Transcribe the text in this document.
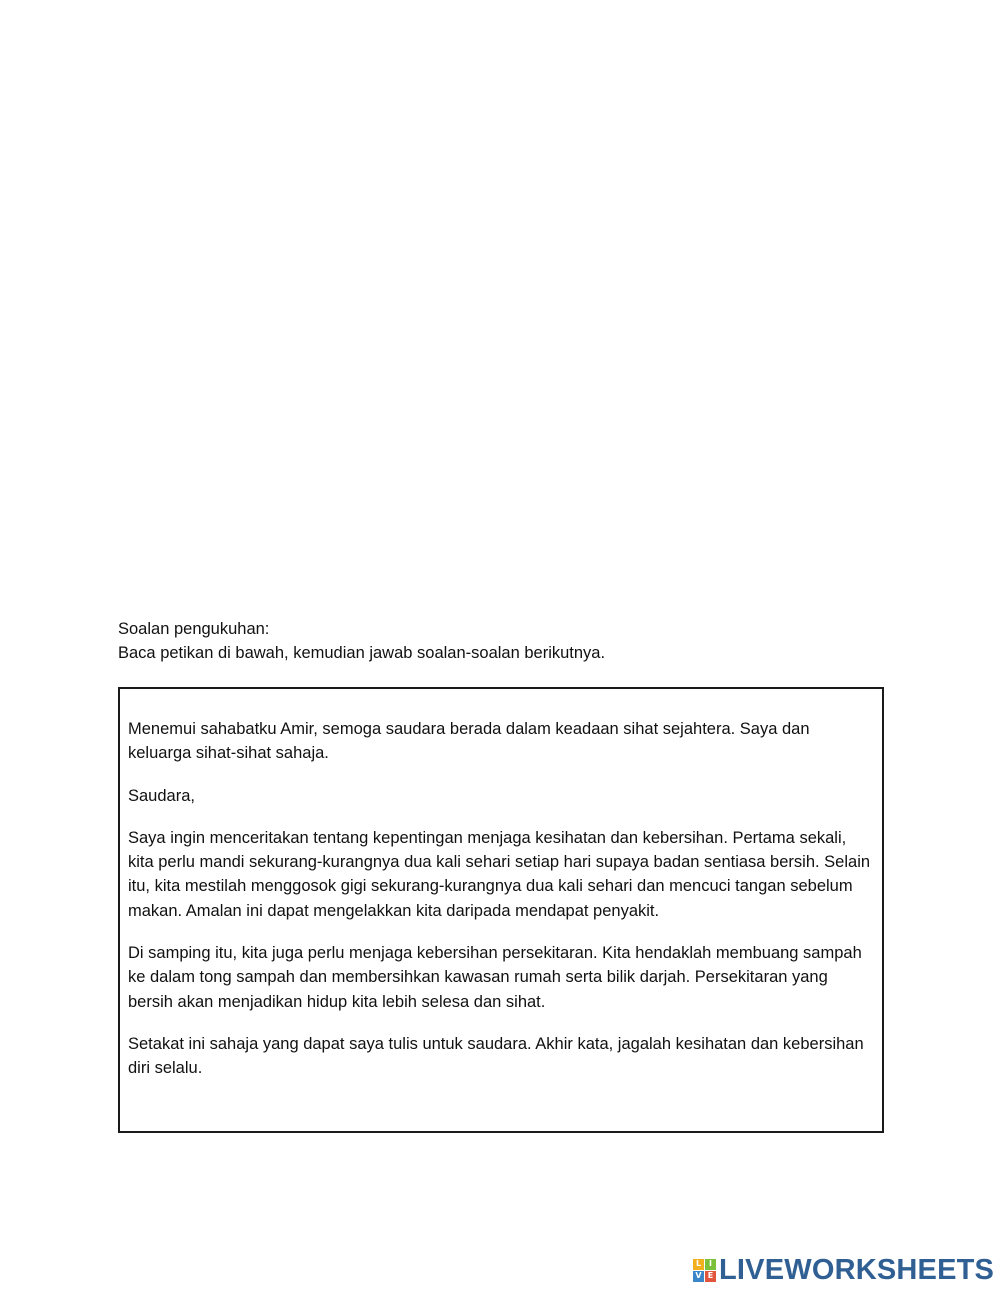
Soalan pengukuhan:
Baca petikan di bawah, kemudian jawab soalan-soalan berikutnya.

Menemui sahabatku Amir, semoga saudara berada dalam keadaan sihat sejahtera. Saya dan keluarga sihat-sihat sahaja.

Saudara,

Saya ingin menceritakan tentang kepentingan menjaga kesihatan dan kebersihan. Pertama sekali, kita perlu mandi sekurang-kurangnya dua kali sehari setiap hari supaya badan sentiasa bersih. Selain itu, kita mestilah menggosok gigi sekurang-kurangnya dua kali sehari dan mencuci tangan sebelum makan. Amalan ini dapat mengelakkan kita daripada mendapat penyakit.

Di samping itu, kita juga perlu menjaga kebersihan persekitaran. Kita hendaklah membuang sampah ke dalam tong sampah dan membersihkan kawasan rumah serta bilik darjah. Persekitaran yang bersih akan menjadikan hidup kita lebih selesa dan sihat.

Setakat ini sahaja yang dapat saya tulis untuk saudara. Akhir kata, jagalah kesihatan dan kebersihan diri selalu.

L I
V E LIVEWORKSHEETS
